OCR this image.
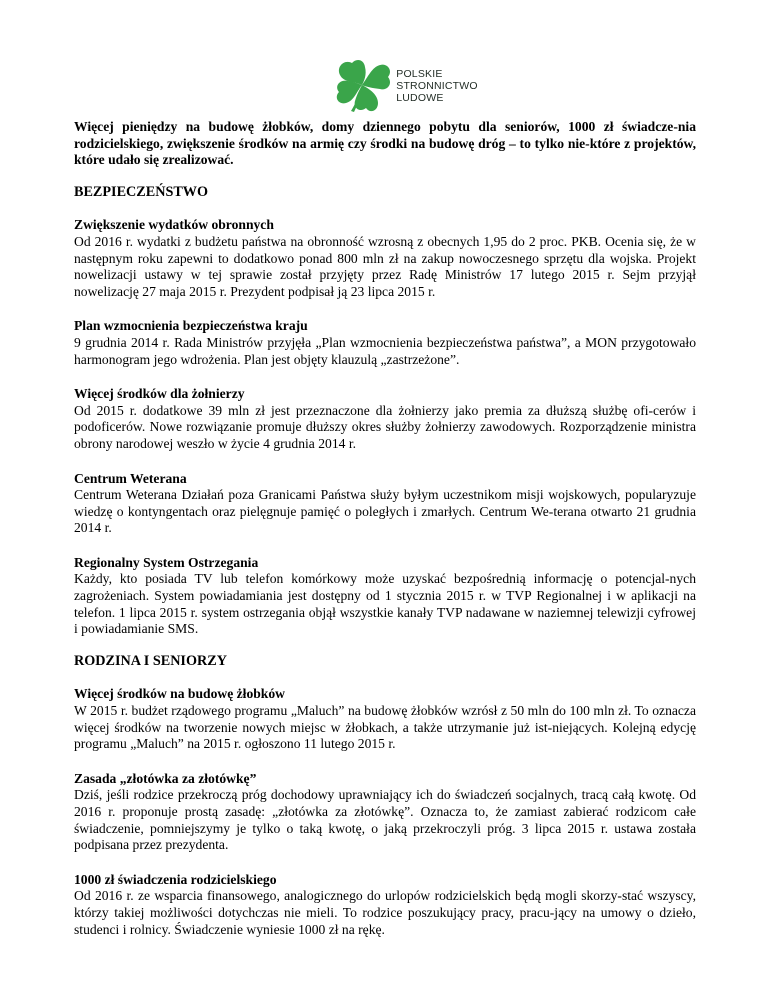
POLSKIE
STRONNICTWO
LUDOWE
Więcej pieniędzy na budowę żłobków, domy dziennego pobytu dla seniorów, 1000 zł świadcze-nia rodzicielskiego, zwiększenie środków na armię czy środki na budowę dróg – to tylko nie-które z projektów, które udało się zrealizować.
BEZPIECZEŃSTWO
Zwiększenie wydatków obronnych
Od 2016 r. wydatki z budżetu państwa na obronność wzrosną z obecnych 1,95 do 2 proc. PKB. Ocenia się, że w następnym roku zapewni to dodatkowo ponad 800 mln zł na zakup nowoczesnego sprzętu dla wojska. Projekt nowelizacji ustawy w tej sprawie został przyjęty przez Radę Ministrów 17 lutego 2015 r. Sejm przyjął nowelizację 27 maja 2015 r. Prezydent podpisał ją 23 lipca 2015 r.
Plan wzmocnienia bezpieczeństwa kraju
9 grudnia 2014 r. Rada Ministrów przyjęła „Plan wzmocnienia bezpieczeństwa państwa”, a MON przygotowało harmonogram jego wdrożenia. Plan jest objęty klauzulą „zastrzeżone”.
Więcej środków dla żołnierzy
Od 2015 r. dodatkowe 39 mln zł jest przeznaczone dla żołnierzy jako premia za dłuższą służbę ofi-cerów i podoficerów. Nowe rozwiązanie promuje dłuższy okres służby żołnierzy zawodowych. Rozporządzenie ministra obrony narodowej weszło w życie 4 grudnia 2014 r.
Centrum Weterana
Centrum Weterana Działań poza Granicami Państwa służy byłym uczestnikom misji wojskowych, popularyzuje wiedzę o kontyngentach oraz pielęgnuje pamięć o poległych i zmarłych. Centrum We-terana otwarto 21 grudnia 2014 r.
Regionalny System Ostrzegania
Każdy, kto posiada TV lub telefon komórkowy może uzyskać bezpośrednią informację o potencjal-nych zagrożeniach. System powiadamiania jest dostępny od 1 stycznia 2015 r. w TVP Regionalnej i w aplikacji na telefon. 1 lipca 2015 r. system ostrzegania objął wszystkie kanały TVP nadawane w naziemnej telewizji cyfrowej i powiadamianie SMS.
RODZINA I SENIORZY
Więcej środków na budowę żłobków
W 2015 r. budżet rządowego programu „Maluch” na budowę żłobków wzrósł z 50 mln do 100 mln zł. To oznacza więcej środków na tworzenie nowych miejsc w żłobkach, a także utrzymanie już ist-niejących. Kolejną edycję programu „Maluch” na 2015 r. ogłoszono 11 lutego 2015 r.
Zasada „złotówka za złotówkę”
Dziś, jeśli rodzice przekroczą próg dochodowy uprawniający ich do świadczeń socjalnych, tracą całą kwotę. Od 2016 r. proponuje prostą zasadę: „złotówka za złotówkę”. Oznacza to, że zamiast zabierać rodzicom całe świadczenie, pomniejszymy je tylko o taką kwotę, o jaką przekroczyli próg. 3 lipca 2015 r. ustawa została podpisana przez prezydenta.
1000 zł świadczenia rodzicielskiego
Od 2016 r. ze wsparcia finansowego, analogicznego do urlopów rodzicielskich będą mogli skorzy-stać wszyscy, którzy takiej możliwości dotychczas nie mieli. To rodzice poszukujący pracy, pracu-jący na umowy o dzieło, studenci i rolnicy. Świadczenie wyniesie 1000 zł na rękę.
